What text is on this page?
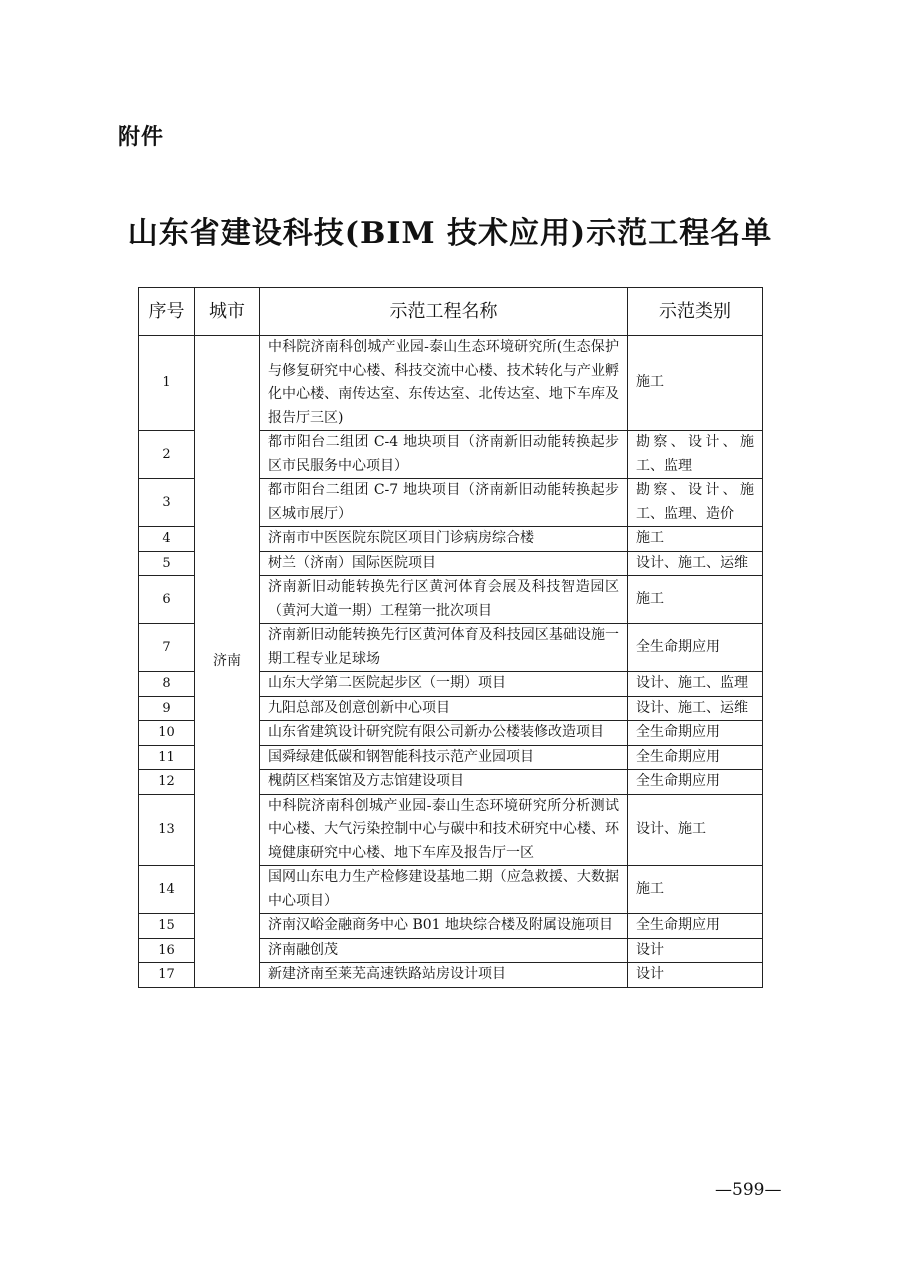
附件
山东省建设科技(BIM 技术应用)示范工程名单
序号	城市	示范工程名称	示范类别
1	济南	中科院济南科创城产业园-泰山生态环境研究所(生态保护与修复研究中心楼、科技交流中心楼、技术转化与产业孵化中心楼、南传达室、东传达室、北传达室、地下车库及报告厅三区)	施工
2		都市阳台二组团 C-4 地块项目（济南新旧动能转换起步区市民服务中心项目）	勘察、设计、施工、监理
3		都市阳台二组团 C-7 地块项目（济南新旧动能转换起步区城市展厅）	勘察、设计、施工、监理、造价
4		济南市中医医院东院区项目门诊病房综合楼	施工
5		树兰（济南）国际医院项目	设计、施工、运维
6		济南新旧动能转换先行区黄河体育会展及科技智造园区（黄河大道一期）工程第一批次项目	施工
7		济南新旧动能转换先行区黄河体育及科技园区基础设施一期工程专业足球场	全生命期应用
8		山东大学第二医院起步区（一期）项目	设计、施工、监理
9		九阳总部及创意创新中心项目	设计、施工、运维
10		山东省建筑设计研究院有限公司新办公楼装修改造项目	全生命期应用
11		国舜绿建低碳和钢智能科技示范产业园项目	全生命期应用
12		槐荫区档案馆及方志馆建设项目	全生命期应用
13		中科院济南科创城产业园-泰山生态环境研究所分析测试中心楼、大气污染控制中心与碳中和技术研究中心楼、环境健康研究中心楼、地下车库及报告厅一区	设计、施工
14		国网山东电力生产检修建设基地二期（应急救援、大数据中心项目）	施工
15		济南汉峪金融商务中心 B01 地块综合楼及附属设施项目	全生命期应用
16		济南融创茂	设计
17		新建济南至莱芜高速铁路站房设计项目	设计
—599—
